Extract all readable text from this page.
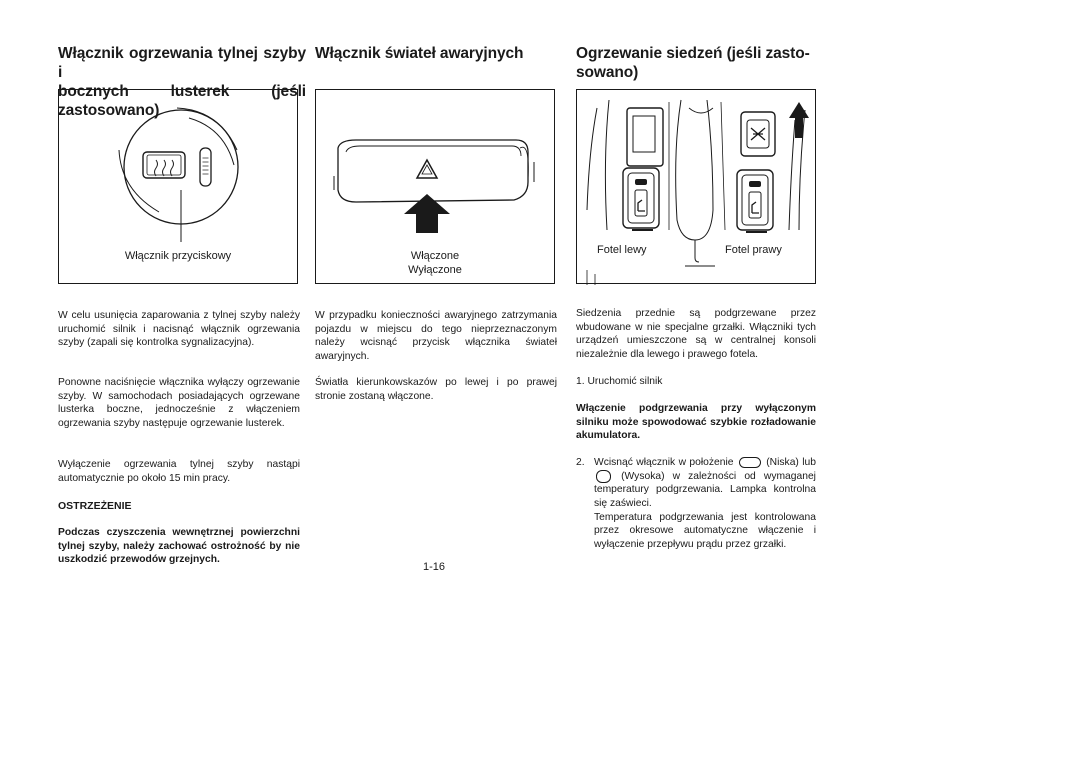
Włącznik ogrzewania tylnej szyby i
bocznych lusterek (jeśli zastosowano)
Włącznik przyciskowy

W celu usunięcia zaparowania z tylnej szyby należy uruchomić silnik i nacisnąć włącznik ogrzewania szyby (zapali się kontrolka sygnalizacyjna).

Ponowne naciśnięcie włącznika wyłączy ogrzewanie szyby. W samochodach posiadających ogrzewane lusterka boczne, jednocześnie z włączeniem ogrzewania szyby następuje ogrzewanie lusterek.

Wyłączenie ogrzewania tylnej szyby nastąpi automatycznie po około 15 min pracy.

OSTRZEŻENIE

Podczas czyszczenia wewnętrznej powierzchni tylnej szyby, należy zachować ostrożność by nie uszkodzić przewodów grzejnych.

Włącznik świateł awaryjnych
Włączone
Wyłączone

W przypadku konieczności awaryjnego zatrzymania pojazdu w miejscu do tego nieprzeznaczonym należy wcisnąć przycisk włącznika świateł awaryjnych.

Światła kierunkowskazów po lewej i po prawej stronie zostaną włączone.

Ogrzewanie siedzeń (jeśli zasto-
sowano)
Fotel lewy	Fotel prawy

Siedzenia przednie są podgrzewane przez wbudowane w nie specjalne grzałki. Włączniki tych urządzeń umieszczone są w centralnej konsoli niezależnie dla lewego i prawego fotela.

1. Uruchomić silnik

Włączenie podgrzewania przy wyłączonym silniku może spowodować szybkie rozładowanie akumulatora.

2. Wcisnąć włącznik w położenie	(Niska) lub  (Wysoka) w zależności od wymaganej temperatury podgrzewania. Lampka kontrolna się zaświeci.
Temperatura podgrzewania jest kontrolowana przez okresowe automatyczne włączenie i wyłączenie przepływu prądu przez grzałki.
1-16
